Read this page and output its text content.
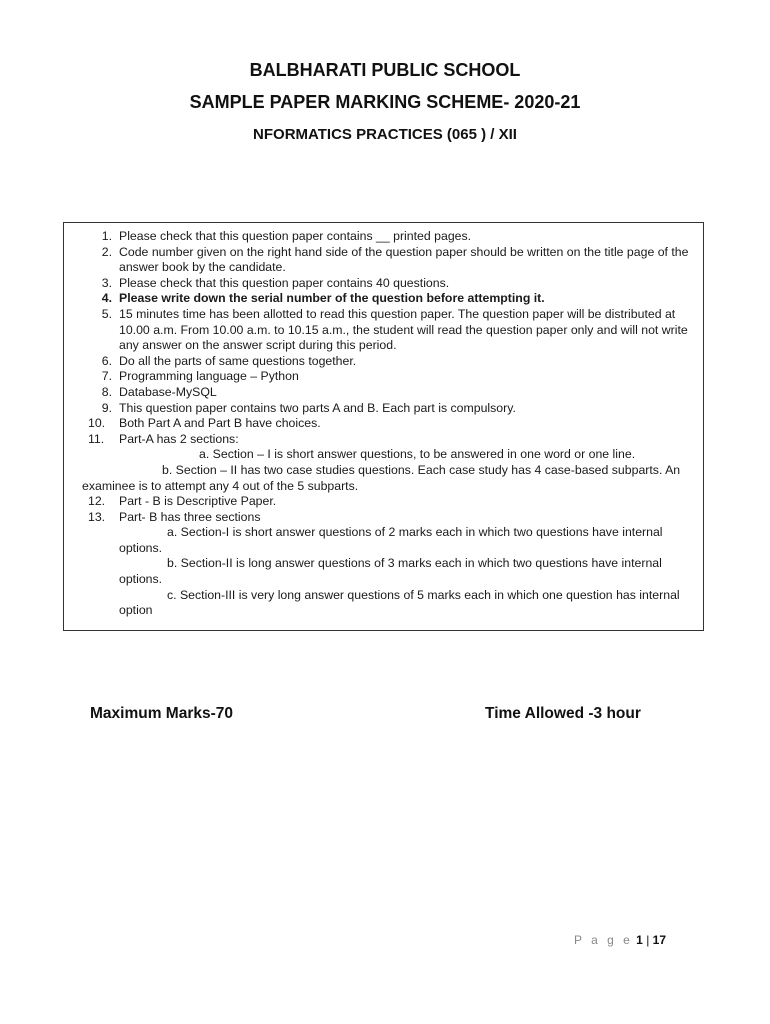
BALBHARATI PUBLIC SCHOOL
SAMPLE PAPER MARKING SCHEME- 2020-21
NFORMATICS PRACTICES (065 ) / XII
1. Please check that this question paper contains __ printed pages.
2. Code number given on the right hand side of the question paper should be written on the title page of the answer book by the candidate.
3. Please check that this question paper contains 40 questions.
4. Please write down the serial number of the question before attempting it.
5. 15 minutes time has been allotted to read this question paper. The question paper will be distributed at 10.00 a.m. From 10.00 a.m. to 10.15 a.m., the student will read the question paper only and will not write any answer on the answer script during this period.
6. Do all the parts of same questions together.
7. Programming language – Python
8. Database-MySQL
9. This question paper contains two parts A and B. Each part is compulsory.
10.	Both Part A and Part B have choices.
11.	Part-A has 2 sections:
a. Section – I is short answer questions, to be answered in one word or one line.
b. Section – II has two case studies questions. Each case study has 4 case-based subparts. An examinee is to attempt any 4 out of the 5 subparts.
12.	Part - B is Descriptive Paper.
13.	Part- B has three sections
a. Section-I is short answer questions of 2 marks each in which two questions have internal options.
b. Section-II is long answer questions of 3 marks each in which two questions have internal options.
c. Section-III is very long answer questions of 5 marks each in which one question has internal option
Maximum Marks-70	Time Allowed -3 hour
P a g e 1 | 17
